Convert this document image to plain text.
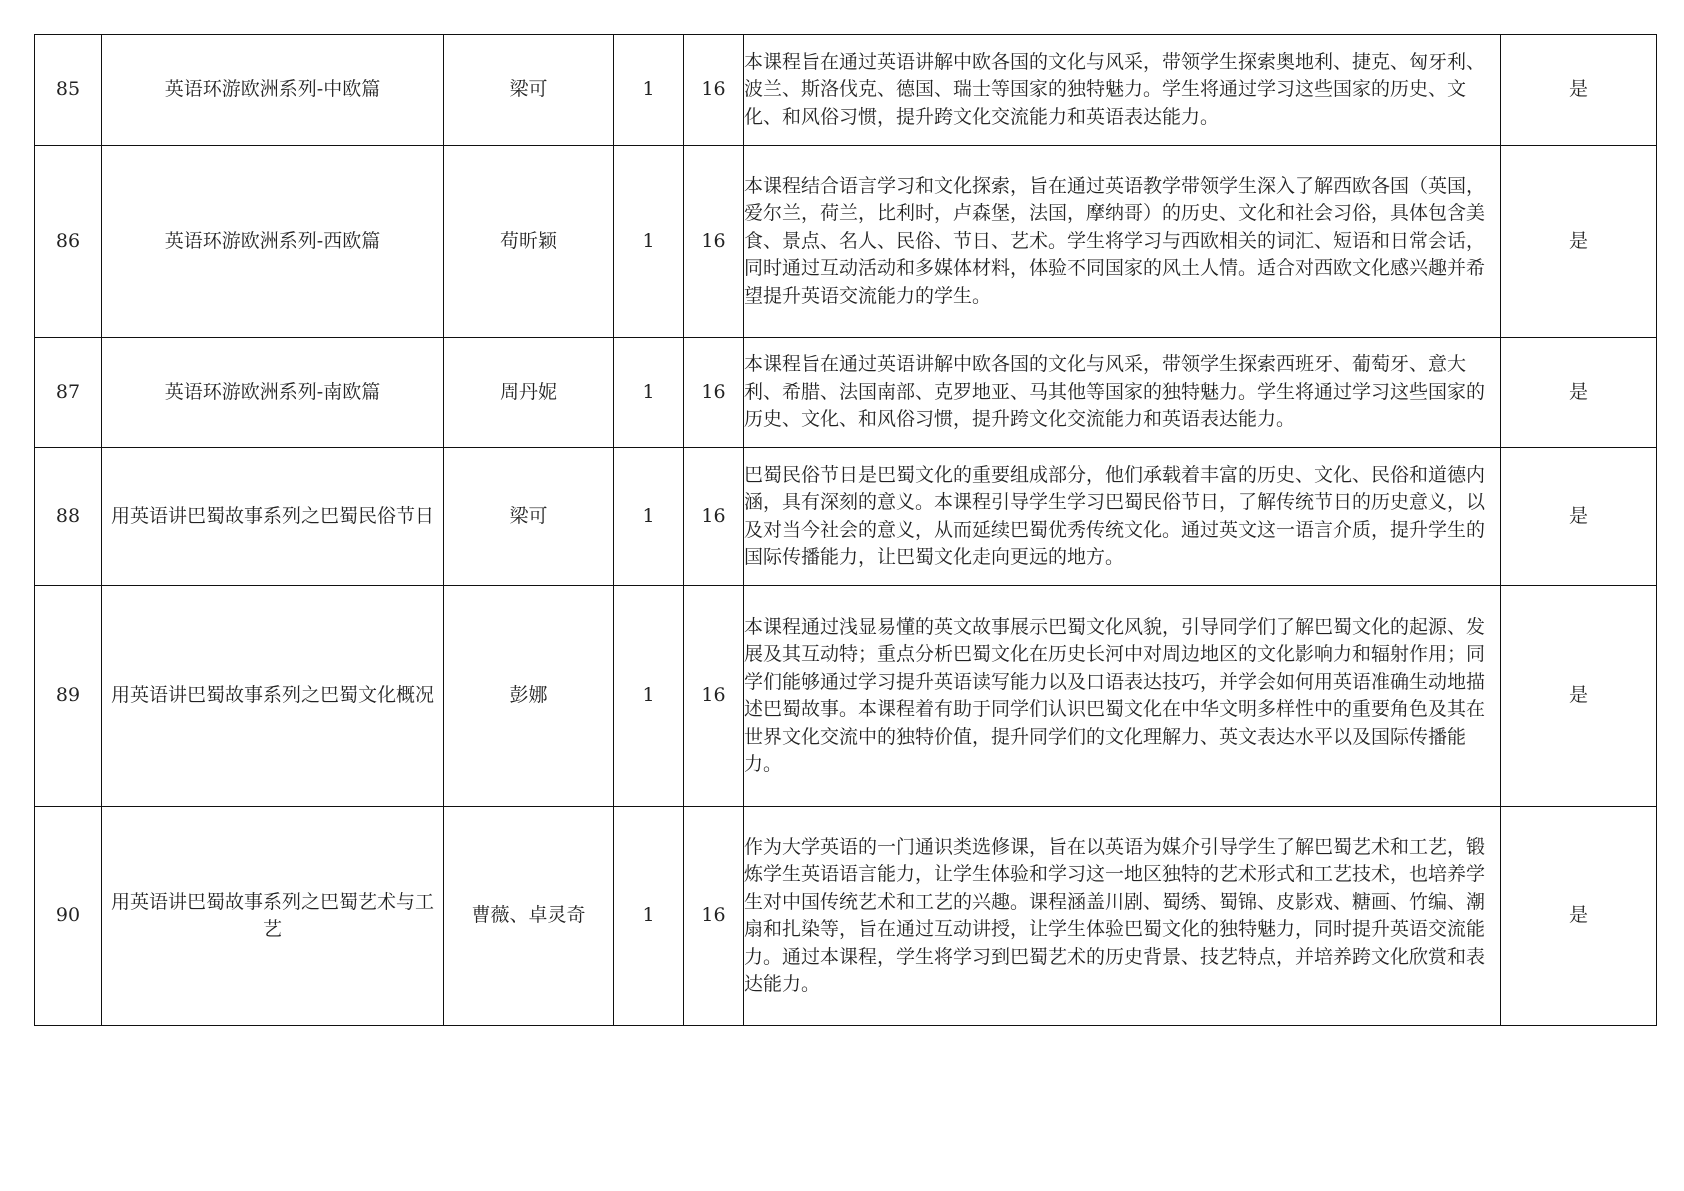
85	英语环游欧洲系列-中欧篇	梁可	1	16	本课程旨在通过英语讲解中欧各国的文化与风采，带领学生探索奥地利、捷克、匈牙利、波兰、斯洛伐克、德国、瑞士等国家的独特魅力。学生将通过学习这些国家的历史、文化、和风俗习惯，提升跨文化交流能力和英语表达能力。	是
86	英语环游欧洲系列-西欧篇	苟昕颖	1	16	本课程结合语言学习和文化探索，旨在通过英语教学带领学生深入了解西欧各国（英国，爱尔兰，荷兰，比利时，卢森堡，法国，摩纳哥）的历史、文化和社会习俗，具体包含美食、景点、名人、民俗、节日、艺术。学生将学习与西欧相关的词汇、短语和日常会话，同时通过互动活动和多媒体材料，体验不同国家的风土人情。适合对西欧文化感兴趣并希望提升英语交流能力的学生。	是
87	英语环游欧洲系列-南欧篇	周丹妮	1	16	本课程旨在通过英语讲解中欧各国的文化与风采，带领学生探索西班牙、葡萄牙、意大利、希腊、法国南部、克罗地亚、马其他等国家的独特魅力。学生将通过学习这些国家的历史、文化、和风俗习惯，提升跨文化交流能力和英语表达能力。	是
88	用英语讲巴蜀故事系列之巴蜀民俗节日	梁可	1	16	巴蜀民俗节日是巴蜀文化的重要组成部分，他们承载着丰富的历史、文化、民俗和道德内涵，具有深刻的意义。本课程引导学生学习巴蜀民俗节日，了解传统节日的历史意义，以及对当今社会的意义，从而延续巴蜀优秀传统文化。通过英文这一语言介质，提升学生的国际传播能力，让巴蜀文化走向更远的地方。	是
89	用英语讲巴蜀故事系列之巴蜀文化概况	彭娜	1	16	本课程通过浅显易懂的英文故事展示巴蜀文化风貌，引导同学们了解巴蜀文化的起源、发展及其互动特；重点分析巴蜀文化在历史长河中对周边地区的文化影响力和辐射作用；同学们能够通过学习提升英语读写能力以及口语表达技巧，并学会如何用英语准确生动地描述巴蜀故事。本课程着有助于同学们认识巴蜀文化在中华文明多样性中的重要角色及其在世界文化交流中的独特价值，提升同学们的文化理解力、英文表达水平以及国际传播能力。	是
90	用英语讲巴蜀故事系列之巴蜀艺术与工艺	曹薇、卓灵奇	1	16	作为大学英语的一门通识类选修课，旨在以英语为媒介引导学生了解巴蜀艺术和工艺，锻炼学生英语语言能力，让学生体验和学习这一地区独特的艺术形式和工艺技术，也培养学生对中国传统艺术和工艺的兴趣。课程涵盖川剧、蜀绣、蜀锦、皮影戏、糖画、竹编、潮扇和扎染等，旨在通过互动讲授，让学生体验巴蜀文化的独特魅力，同时提升英语交流能力。通过本课程，学生将学习到巴蜀艺术的历史背景、技艺特点，并培养跨文化欣赏和表达能力。	是
